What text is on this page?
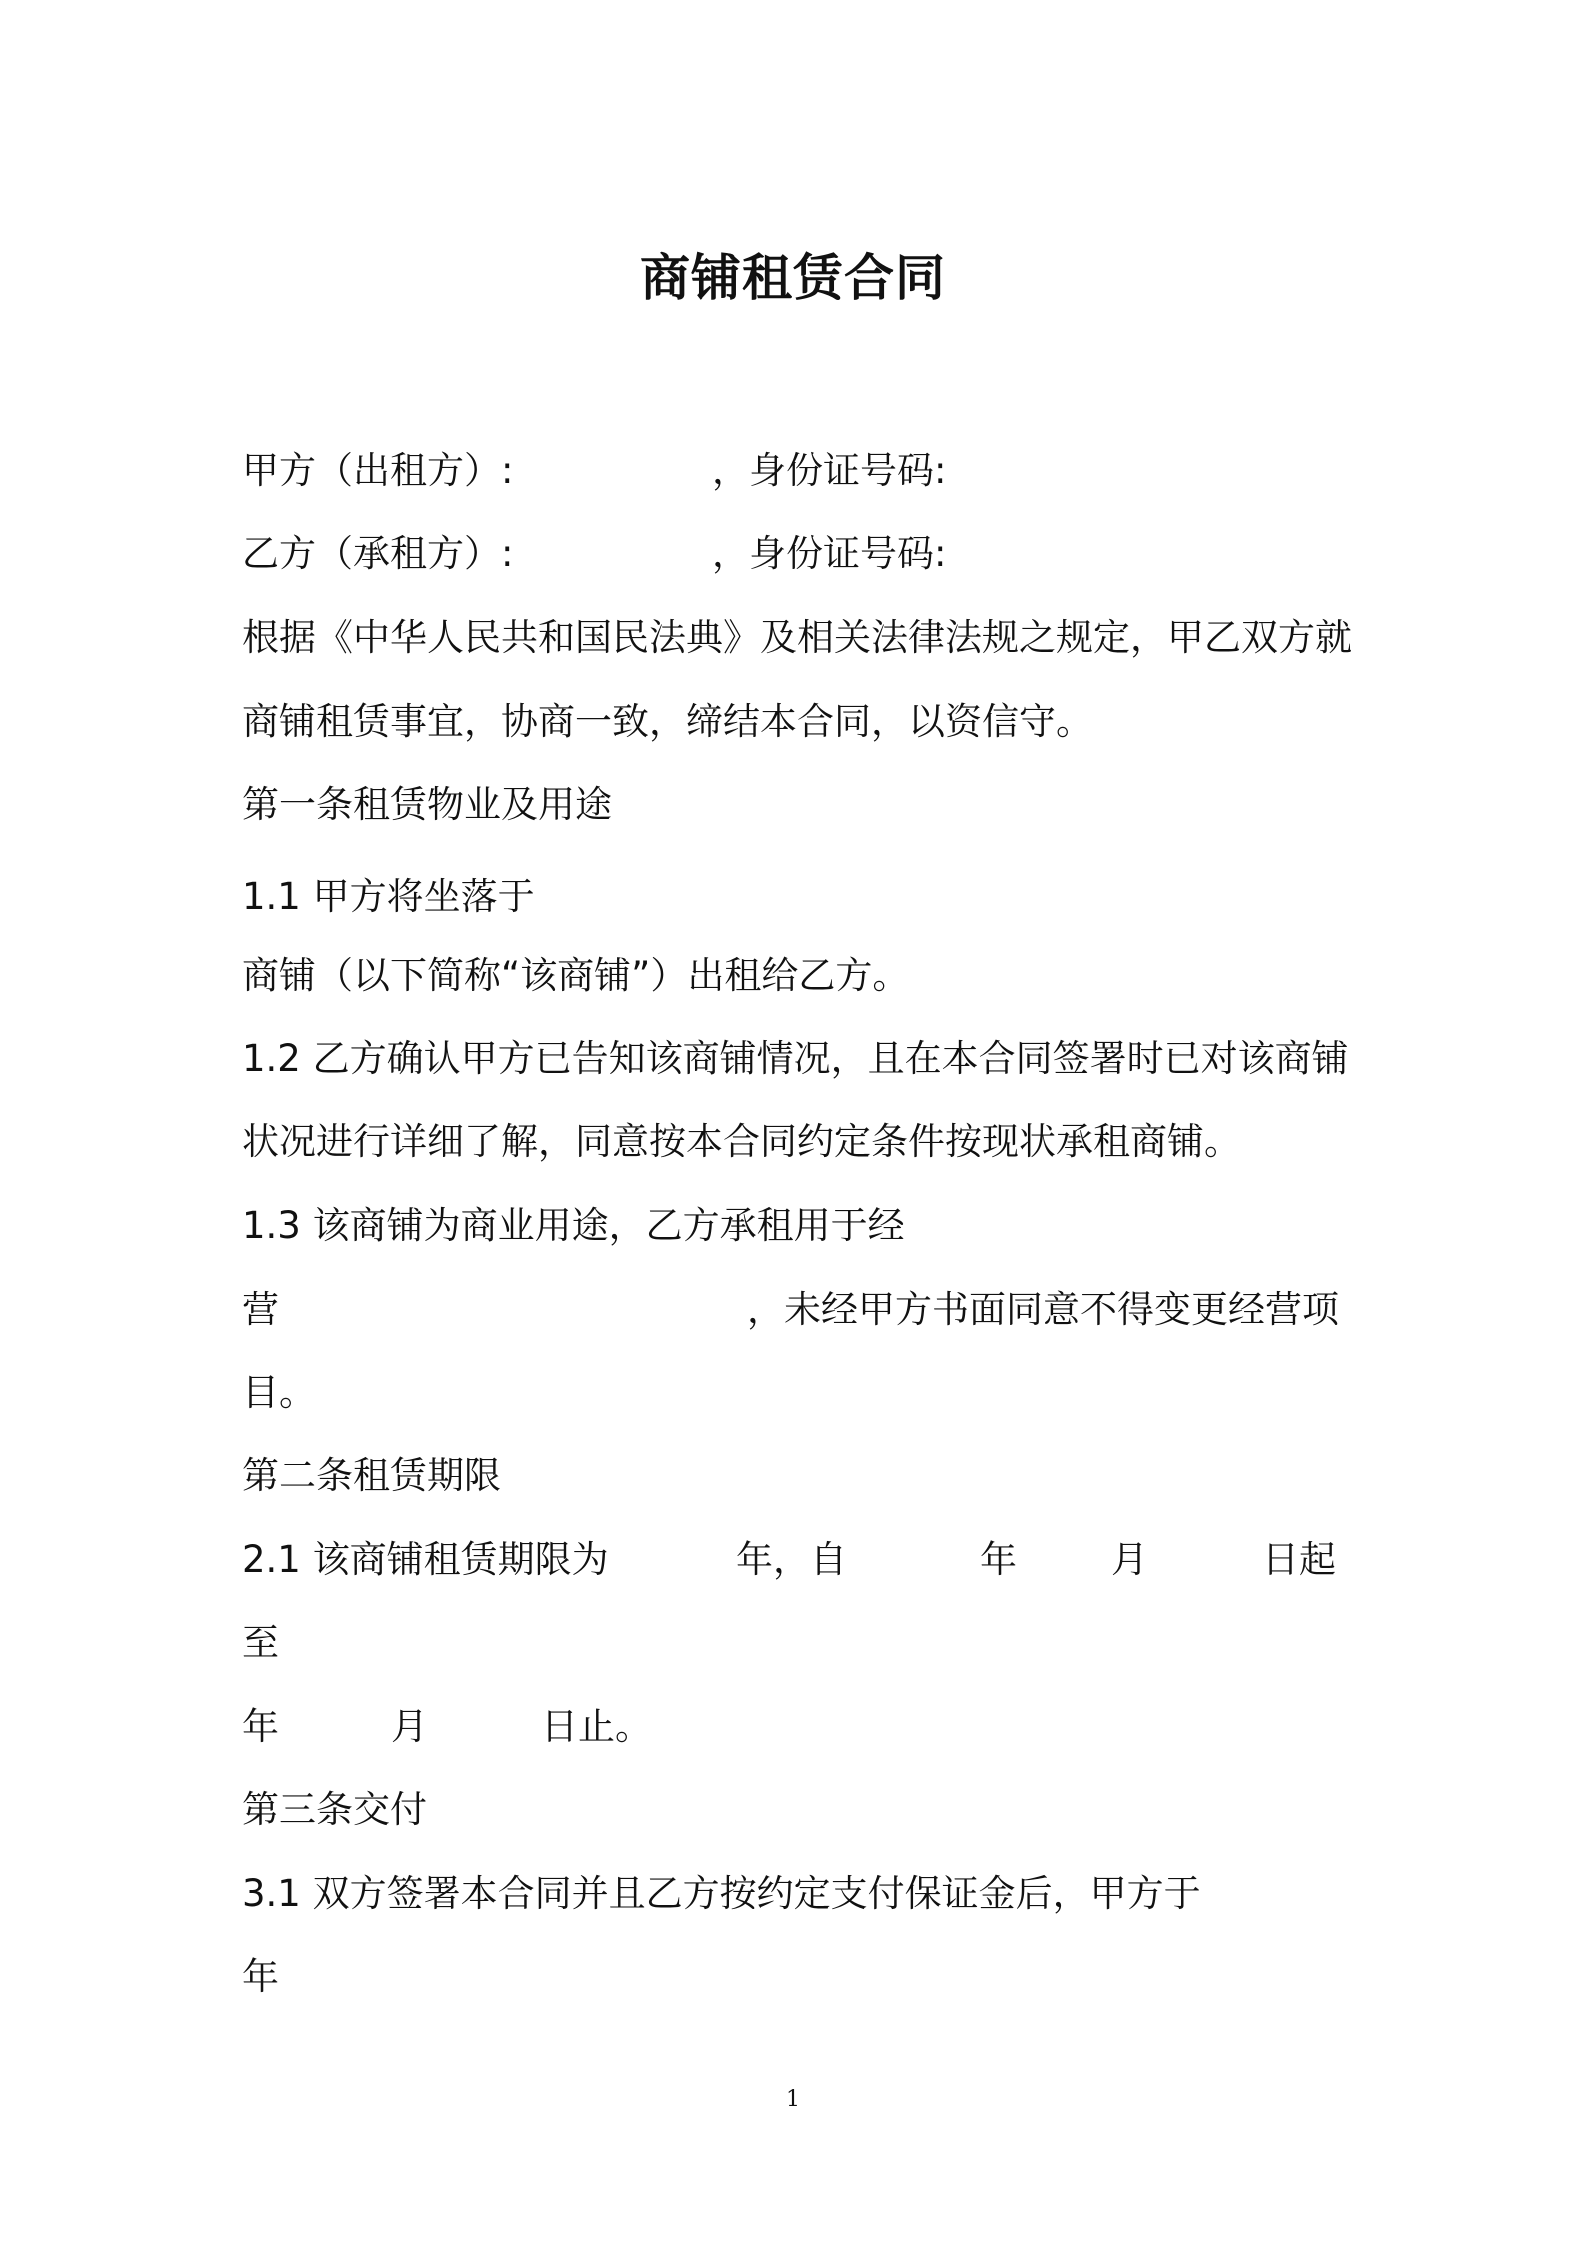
商铺租赁合同
甲方（出租方）:	，身份证号码:
乙方（承租方）:	，身份证号码:
根据《中华人民共和国民法典》及相关法律法规之规定，甲乙双方就
商铺租赁事宜，协商一致，缔结本合同，以资信守。
第一条租赁物业及用途
1.1 甲方将坐落于
商铺（以下简称“该商铺”）出租给乙方。
1.2 乙方确认甲方已告知该商铺情况，且在本合同签署时已对该商铺
状况进行详细了解，同意按本合同约定条件按现状承租商铺。
1.3 该商铺为商业用途，乙方承租用于经
营	，未经甲方书面同意不得变更经营项
目。
第二条租赁期限
2.1 该商铺租赁期限为	年，自	年	月	日起
至
年	月	日止。
第三条交付
3.1 双方签署本合同并且乙方按约定支付保证金后，甲方于
年
1
